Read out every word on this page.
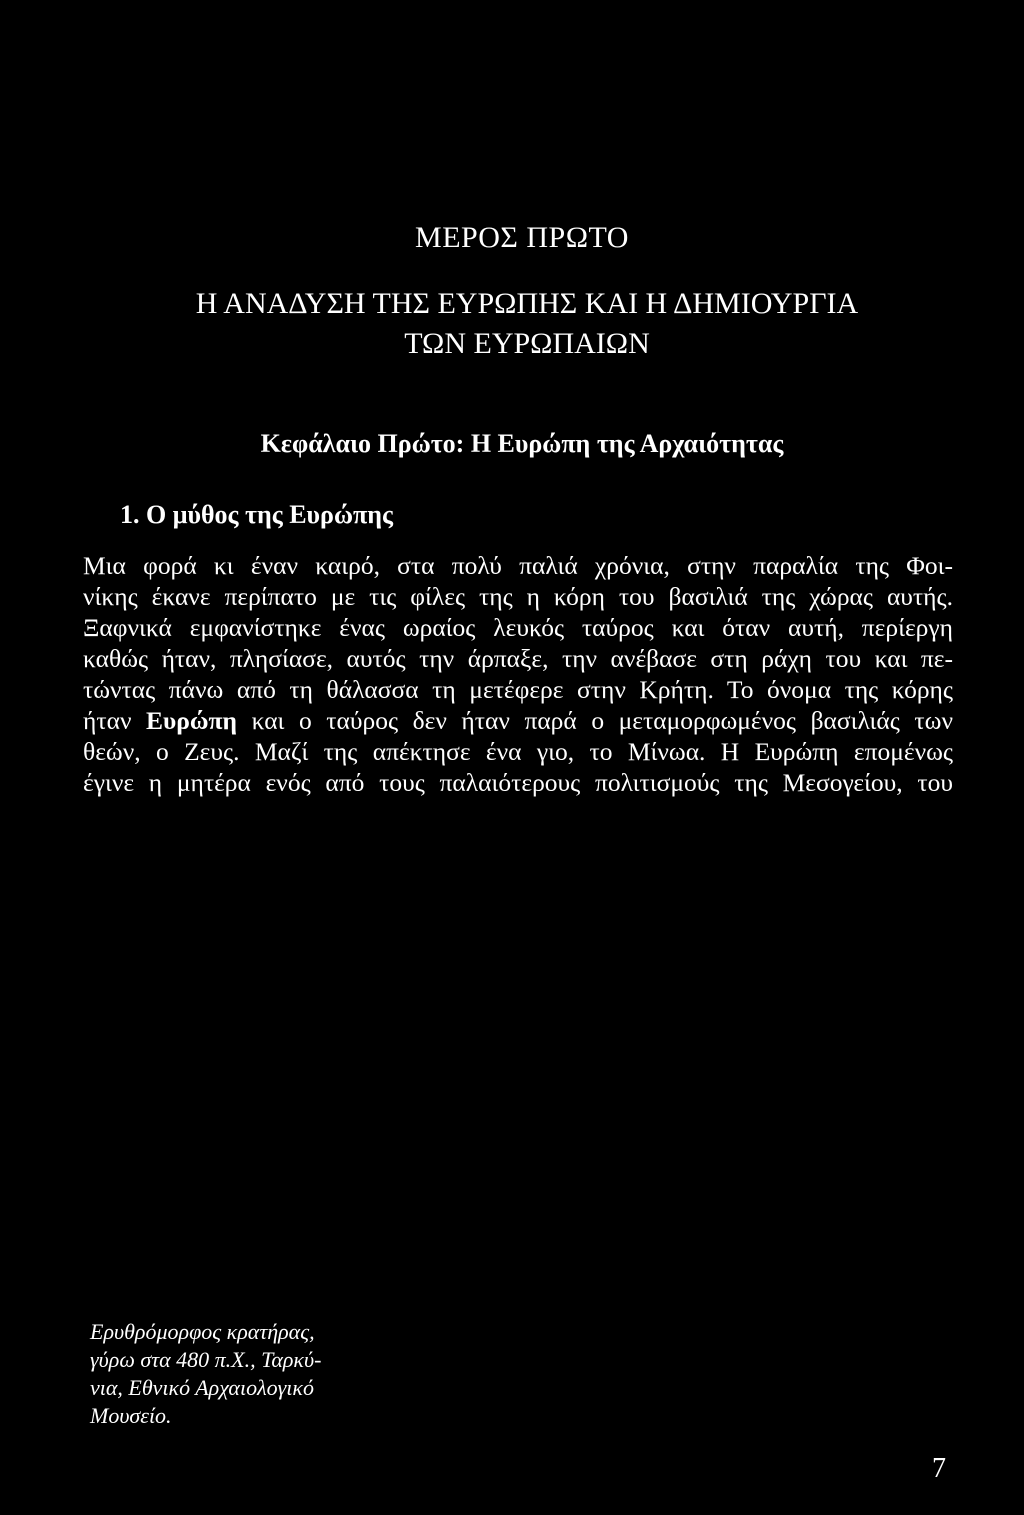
ΜΕΡΟΣ ΠΡΩΤΟ
Η ΑΝΑΔΥΣΗ ΤΗΣ ΕΥΡΩΠΗΣ ΚΑΙ Η ΔΗΜΙΟΥΡΓΙΑ
ΤΩΝ ΕΥΡΩΠΑΙΩΝ
Κεφάλαιο Πρώτο: Η Ευρώπη της Αρχαιότητας
1. Ο μύθος της Ευρώπης
Μια φορά κι έναν καιρό, στα πολύ παλιά χρόνια, στην παραλία της Φοι-
νίκης έκανε περίπατο με τις φίλες της η κόρη του βασιλιά της χώρας αυτής.
Ξαφνικά εμφανίστηκε ένας ωραίος λευκός ταύρος και όταν αυτή, περίεργη
καθώς ήταν, πλησίασε, αυτός την άρπαξε, την ανέβασε στη ράχη του και πε-
τώντας πάνω από τη θάλασσα τη μετέφερε στην Κρήτη. Το όνομα της κόρης
ήταν Ευρώπη και ο ταύρος δεν ήταν παρά ο μεταμορφωμένος βασιλιάς των
θεών, ο Ζευς. Μαζί της απέκτησε ένα γιο, το Μίνωα. Η Ευρώπη επομένως
έγινε η μητέρα ενός από τους παλαιότερους πολιτισμούς της Μεσογείου, του
Ερυθρόμορφος κρατήρας,
γύρω στα 480 π.Χ., Ταρκύ-
νια, Εθνικό Αρχαιολογικό
Μουσείο.
7
